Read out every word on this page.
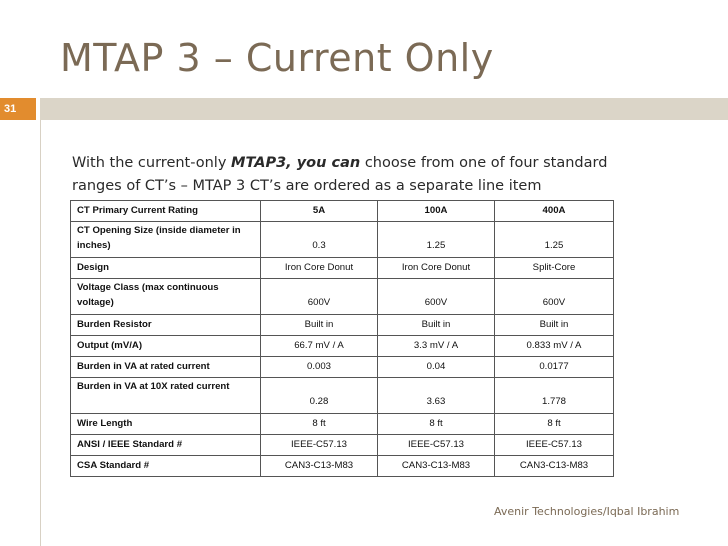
MTAP 3 – Current Only
31
With the current-only MTAP3, you can choose from one of four standard ranges of CT’s – MTAP 3 CT’s are ordered as a separate line item
CT Primary Current Rating	5A	100A	400A
CT Opening Size (inside diameter in inches)	0.3	1.25	1.25
Design	Iron Core Donut	Iron Core Donut	Split-Core
Voltage Class (max continuous voltage)	600V	600V	600V
Burden Resistor	Built in	Built in	Built in
Output (mV/A)	66.7 mV / A	3.3 mV / A	0.833 mV / A
Burden in VA at rated current	0.003	0.04	0.0177
Burden in VA at 10X rated current	0.28	3.63	1.778
Wire Length	8 ft	8 ft	8 ft
ANSI / IEEE Standard #	IEEE-C57.13	IEEE-C57.13	IEEE-C57.13
CSA Standard #	CAN3-C13-M83	CAN3-C13-M83	CAN3-C13-M83
Avenir Technologies/Iqbal Ibrahim
